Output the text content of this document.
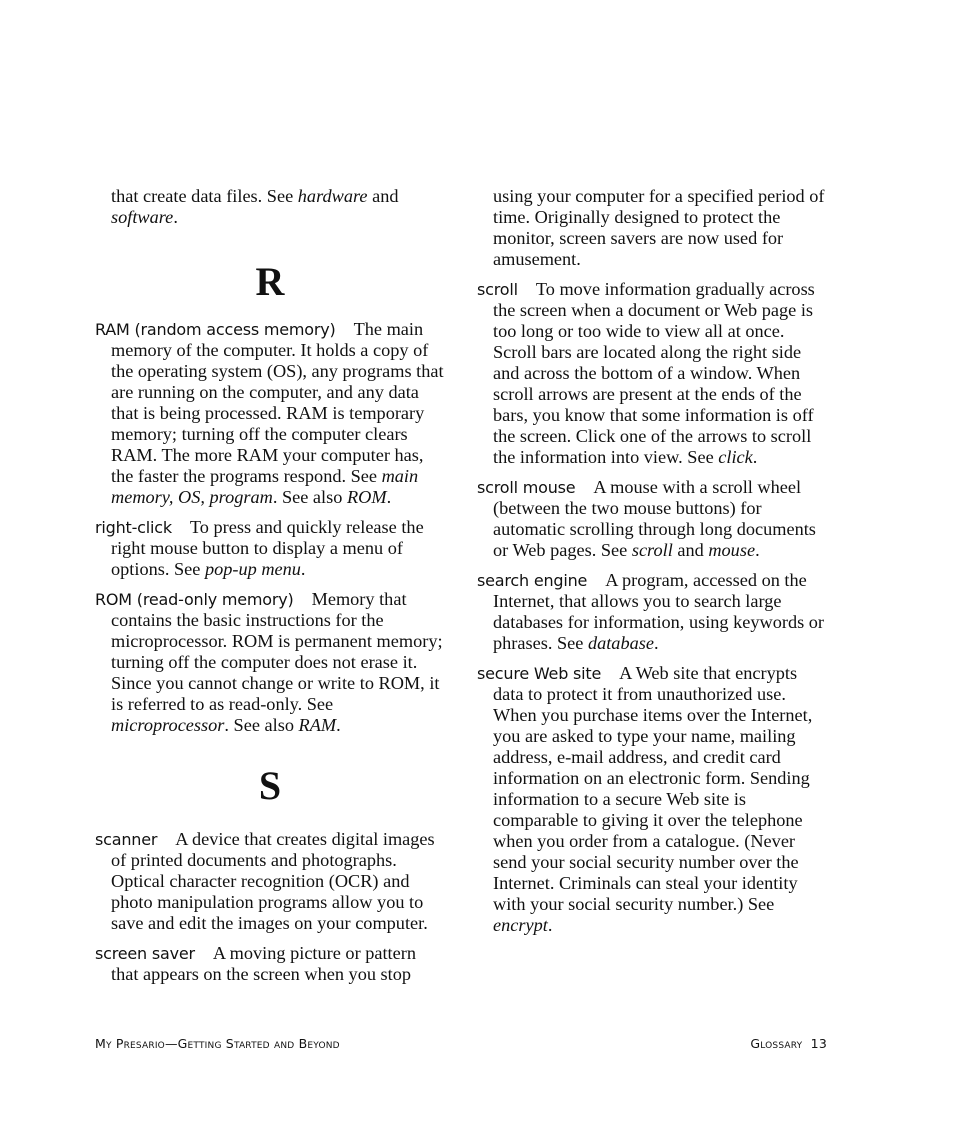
that create data files. See hardware and software.

R

RAM (random access memory) The main memory of the computer. It holds a copy of the operating system (OS), any programs that are running on the computer, and any data that is being processed. RAM is temporary memory; turning off the computer clears RAM. The more RAM your computer has, the faster the programs respond. See main memory, OS, program. See also ROM.

right-click To press and quickly release the right mouse button to display a menu of options. See pop-up menu.

ROM (read-only memory) Memory that contains the basic instructions for the microprocessor. ROM is permanent memory; turning off the computer does not erase it. Since you cannot change or write to ROM, it is referred to as read-only. See microprocessor. See also RAM.

S

scanner A device that creates digital images of printed documents and photographs. Optical character recognition (OCR) and photo manipulation programs allow you to save and edit the images on your computer.

screen saver A moving picture or pattern that appears on the screen when you stop

using your computer for a specified period of time. Originally designed to protect the monitor, screen savers are now used for amusement.

scroll To move information gradually across the screen when a document or Web page is too long or too wide to view all at once. Scroll bars are located along the right side and across the bottom of a window. When scroll arrows are present at the ends of the bars, you know that some information is off the screen. Click one of the arrows to scroll the information into view. See click.

scroll mouse A mouse with a scroll wheel (between the two mouse buttons) for automatic scrolling through long documents or Web pages. See scroll and mouse.

search engine A program, accessed on the Internet, that allows you to search large databases for information, using keywords or phrases. See database.

secure Web site A Web site that encrypts data to protect it from unauthorized use. When you purchase items over the Internet, you are asked to type your name, mailing address, e-mail address, and credit card information on an electronic form. Sending information to a secure Web site is comparable to giving it over the telephone when you order from a catalogue. (Never send your social security number over the Internet. Criminals can steal your identity with your social security number.) See encrypt.

My Presario—Getting Started and Beyond	Glossary  13
